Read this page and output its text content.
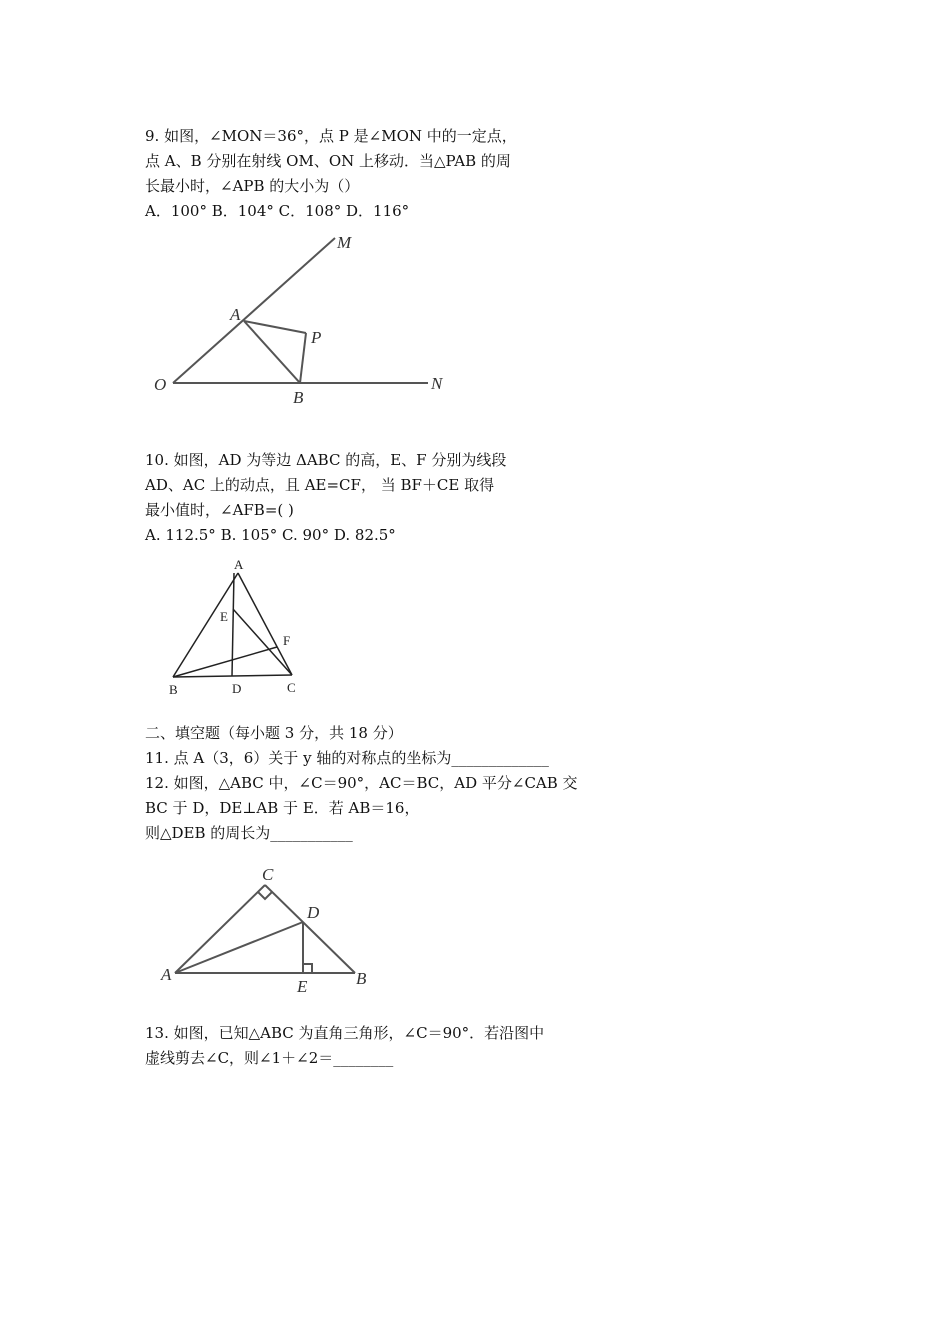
9. 如图，∠MON＝36°，点 P 是∠MON 中的一定点，
点 A、B 分别在射线 OM、ON 上移动．当△PAB 的周
长最小时，∠APB 的大小为（）
A．100° B．104° C．108° D．116°
M
A
P
O
B
N
10. 如图，AD 为等边 ΔABC 的高，E、F 分别为线段
AD、AC 上的动点，且 AE=CF， 当 BF＋CE 取得
最小值时，∠AFB=( )
A. 112.5° B. 105° C. 90° D. 82.5°
A
E
F
B	D	C
二、填空题（每小题 3 分，共 18 分）
11. 点 A（3，6）关于 y 轴的对称点的坐标为_____________
12. 如图，△ABC 中，∠C＝90°，AC＝BC，AD 平分∠CAB 交
BC 于 D，DE⊥AB 于 E．若 AB＝16，
则△DEB 的周长为___________
C
D
A
E	B
13. 如图，已知△ABC 为直角三角形，∠C＝90°．若沿图中
虚线剪去∠C，则∠1＋∠2＝________
